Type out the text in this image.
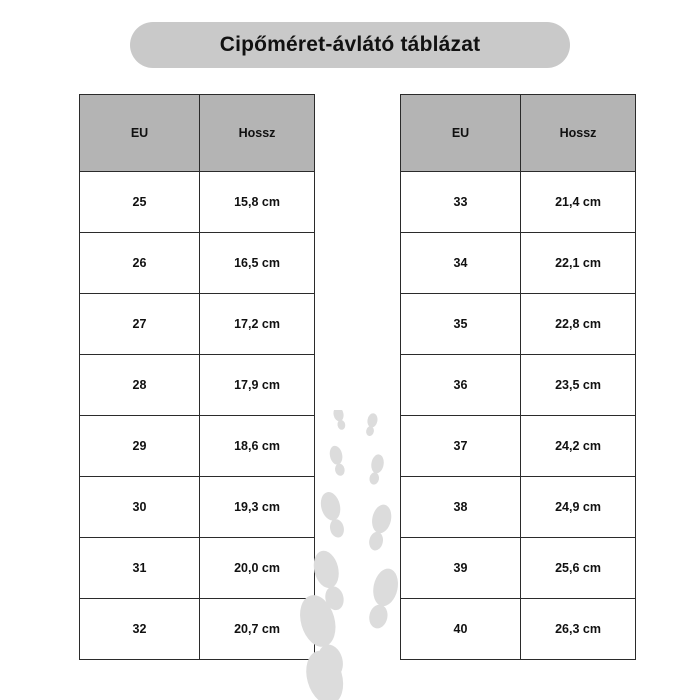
Cipőméret-ávlátó táblázat
EU	Hossz
25	15,8 cm
26	16,5 cm
27	17,2 cm
28	17,9 cm
29	18,6 cm
30	19,3 cm
31	20,0 cm
32	20,7 cm
EU	Hossz
33	21,4 cm
34	22,1 cm
35	22,8 cm
36	23,5 cm
37	24,2 cm
38	24,9 cm
39	25,6 cm
40	26,3 cm
